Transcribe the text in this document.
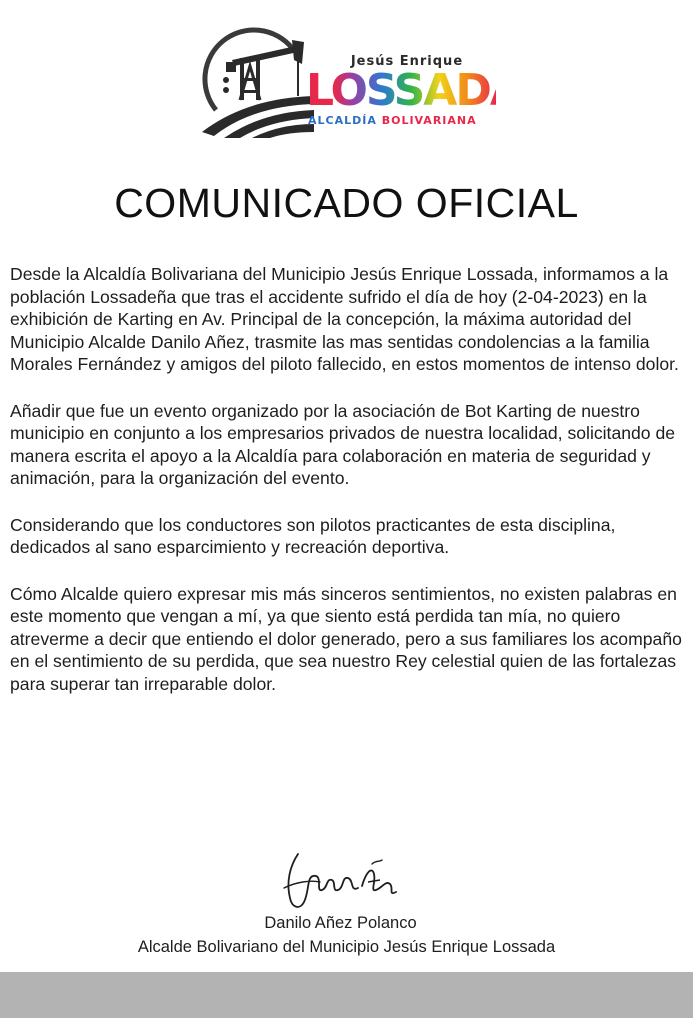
Jesús Enrique
LOSSADA
ALCALDÍA BOLIVARIANA
COMUNICADO OFICIAL

Desde la Alcaldía Bolivariana del Municipio Jesús Enrique Lossada, informamos a la población Lossadeña que tras el accidente sufrido el día de hoy (2-04-2023) en la exhibición de Karting en Av. Principal de la concepción, la máxima autoridad del Municipio Alcalde Danilo Añez, trasmite las mas sentidas condolencias a la familia Morales Fernández y amigos del piloto fallecido, en estos momentos de intenso dolor.

Añadir que fue un evento organizado por la asociación de Bot Karting de nuestro municipio en conjunto a los empresarios privados de nuestra localidad, solicitando de manera escrita el apoyo a la Alcaldía para colaboración en materia de seguridad y animación, para la organización del evento.

Considerando que los conductores son pilotos practicantes de esta disciplina, dedicados al sano esparcimiento y recreación deportiva.

Cómo Alcalde quiero expresar mis más sinceros sentimientos, no existen palabras en este momento que vengan a mí, ya que siento está perdida tan mía, no quiero atreverme a decir que entiendo el dolor generado, pero a sus familiares los acompaño en el sentimiento de su perdida, que sea nuestro Rey celestial quien de las fortalezas para superar tan irreparable dolor.

Danilo Añez Polanco
Alcalde Bolivariano del Municipio Jesús Enrique Lossada
